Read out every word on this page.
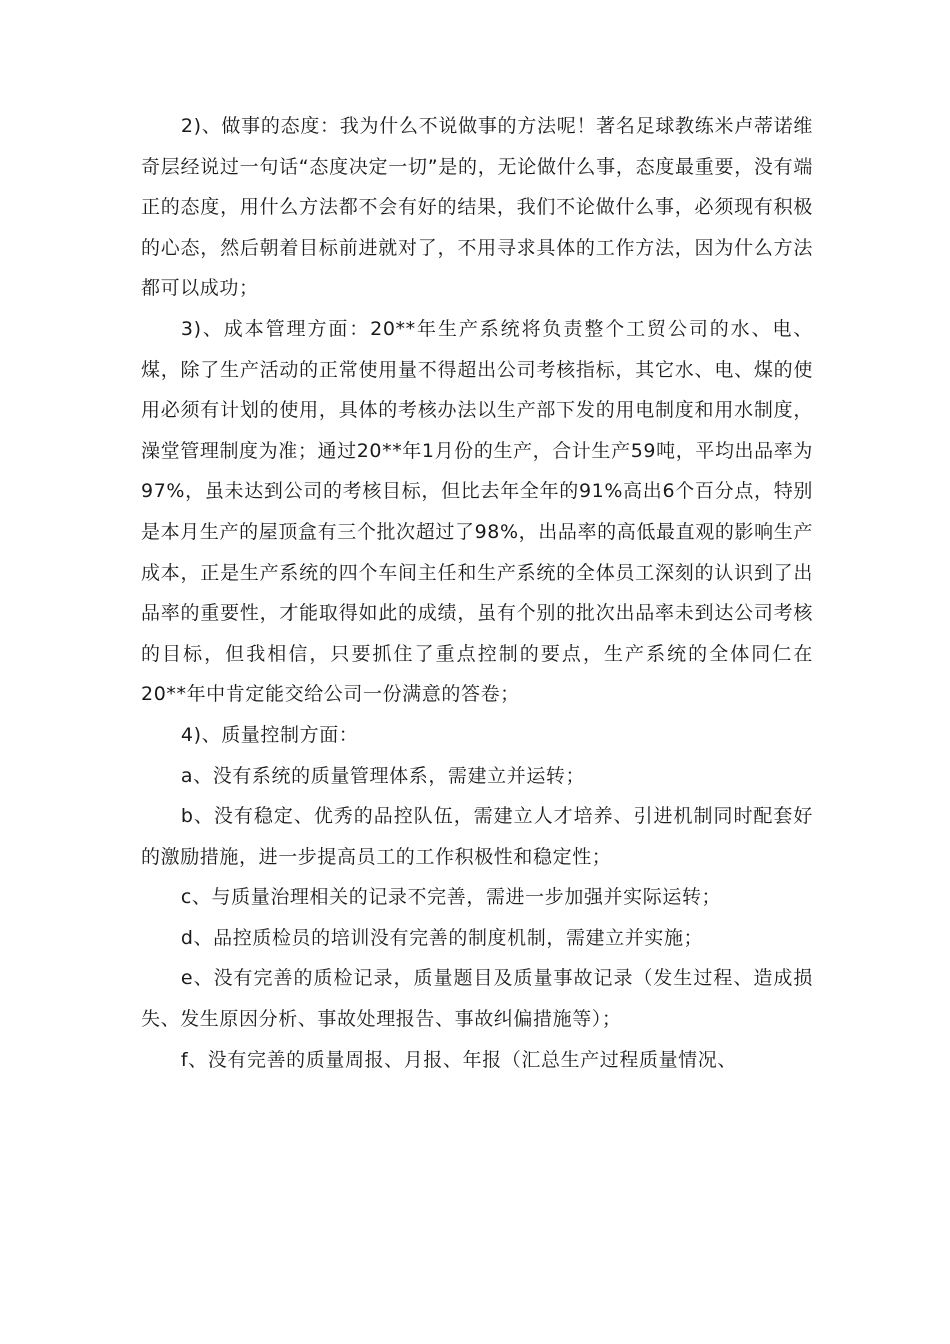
2)、做事的态度：我为什么不说做事的方法呢！著名足球教练米卢蒂诺维奇层经说过一句话“态度决定一切”是的，无论做什么事，态度最重要，没有端正的态度，用什么方法都不会有好的结果，我们不论做什么事，必须现有积极的心态，然后朝着目标前进就对了，不用寻求具体的工作方法，因为什么方法都可以成功；

3)、成本管理方面：20**年生产系统将负责整个工贸公司的水、电、煤，除了生产活动的正常使用量不得超出公司考核指标，其它水、电、煤的使用必须有计划的使用，具体的考核办法以生产部下发的用电制度和用水制度，澡堂管理制度为准；通过20**年1月份的生产，合计生产59吨，平均出品率为97%，虽未达到公司的考核目标，但比去年全年的91%高出6个百分点，特别是本月生产的屋顶盒有三个批次超过了98%，出品率的高低最直观的影响生产成本，正是生产系统的四个车间主任和生产系统的全体员工深刻的认识到了出品率的重要性，才能取得如此的成绩，虽有个别的批次出品率未到达公司考核的目标，但我相信，只要抓住了重点控制的要点，生产系统的全体同仁在20**年中肯定能交给公司一份满意的答卷；

4)、质量控制方面：

a、没有系统的质量管理体系，需建立并运转；

b、没有稳定、优秀的品控队伍，需建立人才培养、引进机制同时配套好的激励措施，进一步提高员工的工作积极性和稳定性；

c、与质量治理相关的记录不完善，需进一步加强并实际运转；

d、品控质检员的培训没有完善的制度机制，需建立并实施；

e、没有完善的质检记录，质量题目及质量事故记录（发生过程、造成损失、发生原因分析、事故处理报告、事故纠偏措施等）；

f、没有完善的质量周报、月报、年报（汇总生产过程质量情况、
